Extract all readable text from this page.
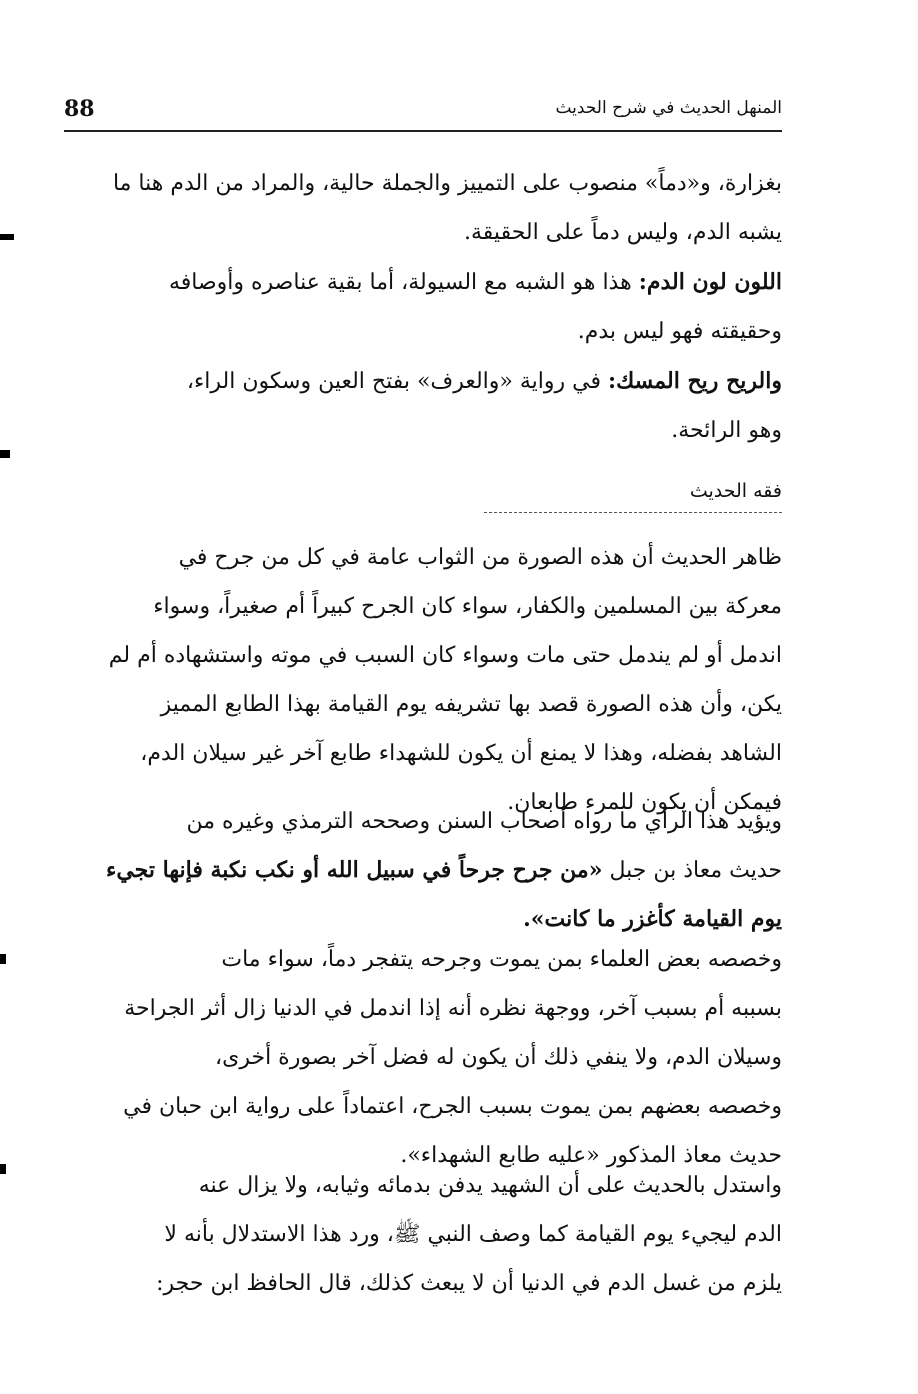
88	المنهل الحديث في شرح الحديث
بغزارة، و«دماً» منصوب على التمييز والجملة حالية، والمراد من الدم هنا ما
يشبه الدم، وليس دماً على الحقيقة.
اللون لون الدم: هذا هو الشبه مع السيولة، أما بقية عناصره وأوصافه
وحقيقته فهو ليس بدم.
والريح ريح المسك: في رواية «والعرف» بفتح العين وسكون الراء،
وهو الرائحة.
فقه الحديث
ظاهر الحديث أن هذه الصورة من الثواب عامة في كل من جرح في
معركة بين المسلمين والكفار، سواء كان الجرح كبيراً أم صغيراً، وسواء
اندمل أو لم يندمل حتى مات وسواء كان السبب في موته واستشهاده أم لم
يكن، وأن هذه الصورة قصد بها تشريفه يوم القيامة بهذا الطابع المميز
الشاهد بفضله، وهذا لا يمنع أن يكون للشهداء طابع آخر غير سيلان الدم،
فيمكن أن يكون للمرء طابعان.
ويؤيد هذا الرأي ما رواه أصحاب السنن وصححه الترمذي وغيره من
حديث معاذ بن جبل «من جرح جرحاً في سبيل الله أو نكب نكبة فإنها تجيء
يوم القيامة كأغزر ما كانت».
وخصصه بعض العلماء بمن يموت وجرحه يتفجر دماً، سواء مات
بسببه أم بسبب آخر، ووجهة نظره أنه إذا اندمل في الدنيا زال أثر الجراحة
وسيلان الدم، ولا ينفي ذلك أن يكون له فضل آخر بصورة أخرى،
وخصصه بعضهم بمن يموت بسبب الجرح، اعتماداً على رواية ابن حبان في
حديث معاذ المذكور «عليه طابع الشهداء».
واستدل بالحديث على أن الشهيد يدفن بدمائه وثيابه، ولا يزال عنه
الدم ليجيء يوم القيامة كما وصف النبي ﷺ، ورد هذا الاستدلال بأنه لا
يلزم من غسل الدم في الدنيا أن لا يبعث كذلك، قال الحافظ ابن حجر:
